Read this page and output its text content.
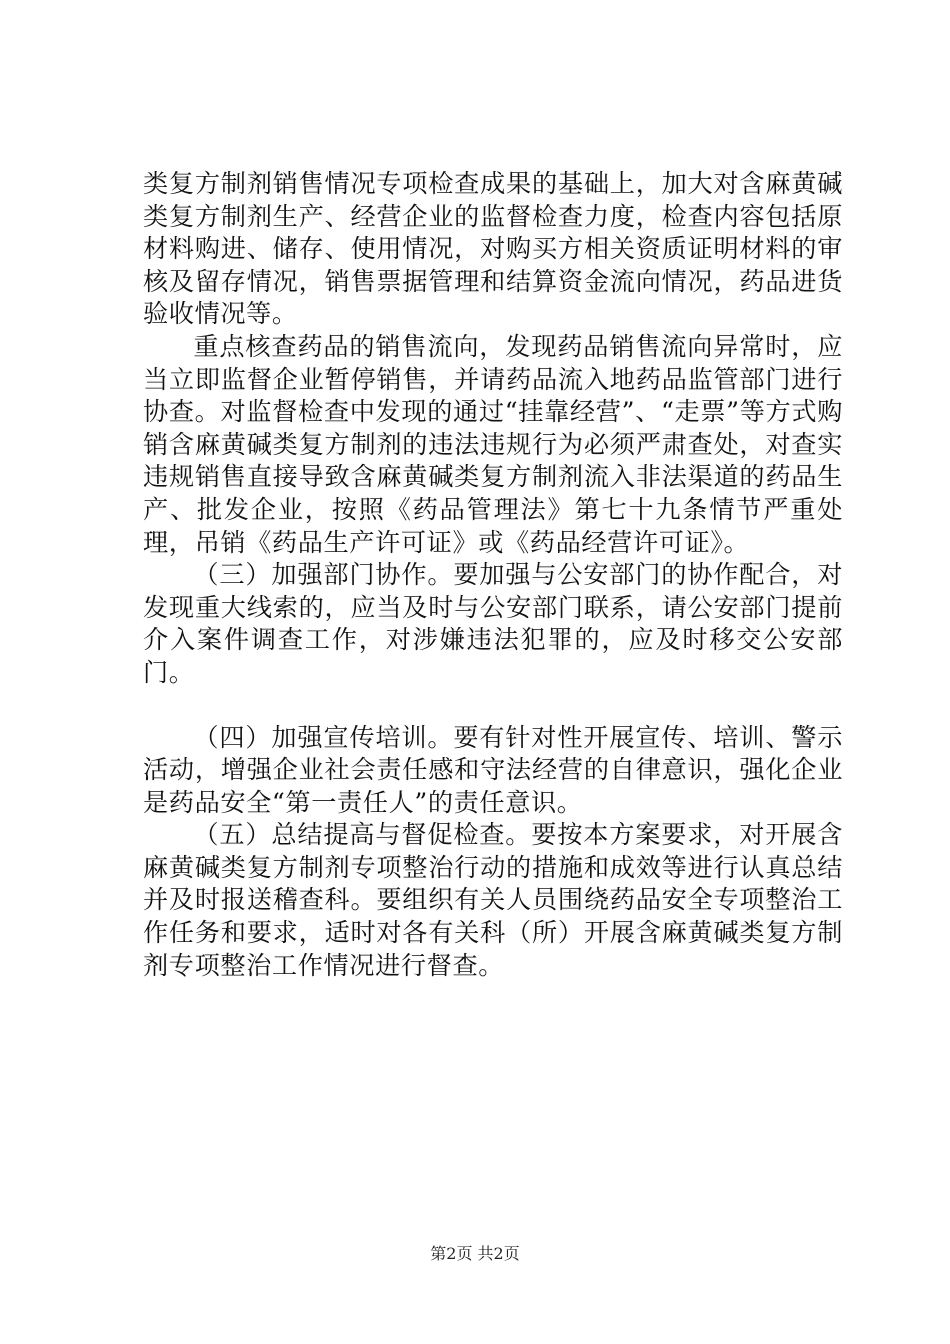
类复方制剂销售情况专项检查成果的基础上，加大对含麻黄碱类复方制剂生产、经营企业的监督检查力度，检查内容包括原材料购进、储存、使用情况，对购买方相关资质证明材料的审核及留存情况，销售票据管理和结算资金流向情况，药品进货验收情况等。

重点核查药品的销售流向，发现药品销售流向异常时，应当立即监督企业暂停销售，并请药品流入地药品监管部门进行协查。对监督检查中发现的通过“挂靠经营”、“走票”等方式购销含麻黄碱类复方制剂的违法违规行为必须严肃查处，对查实违规销售直接导致含麻黄碱类复方制剂流入非法渠道的药品生产、批发企业，按照《药品管理法》第七十九条情节严重处理，吊销《药品生产许可证》或《药品经营许可证》。

（三）加强部门协作。要加强与公安部门的协作配合，对发现重大线索的，应当及时与公安部门联系，请公安部门提前介入案件调查工作，对涉嫌违法犯罪的，应及时移交公安部门。

（四）加强宣传培训。要有针对性开展宣传、培训、警示活动，增强企业社会责任感和守法经营的自律意识，强化企业是药品安全“第一责任人”的责任意识。

（五）总结提高与督促检查。要按本方案要求，对开展含麻黄碱类复方制剂专项整治行动的措施和成效等进行认真总结并及时报送稽查科。要组织有关人员围绕药品安全专项整治工作任务和要求，适时对各有关科（所）开展含麻黄碱类复方制剂专项整治工作情况进行督查。

第2页 共2页
